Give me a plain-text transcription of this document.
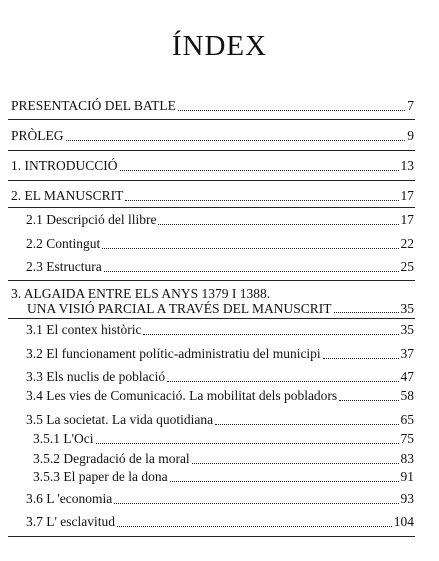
ÍNDEX
PRESENTACIÓ DEL BATLE	7
PRÒLEG	9
1. INTRODUCCIÓ	13
2. EL MANUSCRIT	17
2.1 Descripció del llibre	17
2.2 Contingut	22
2.3 Estructura	25
3. ALGAIDA ENTRE ELS ANYS 1379 I 1388.
UNA VISIÓ PARCIAL A TRAVÉS DEL MANUSCRIT	35
3.1 El contex històric	35
3.2 El funcionament polític-administratiu del municipi	37
3.3 Els nuclis de població	47
3.4 Les vies de Comunicació. La mobilitat dels pobladors	58
3.5 La societat. La vida quotidiana	65
3.5.1 L'Oci	75
3.5.2 Degradació de la moral	83
3.5.3 El paper de la dona	91
3.6 L 'economia	93
3.7 L' esclavitud	104
